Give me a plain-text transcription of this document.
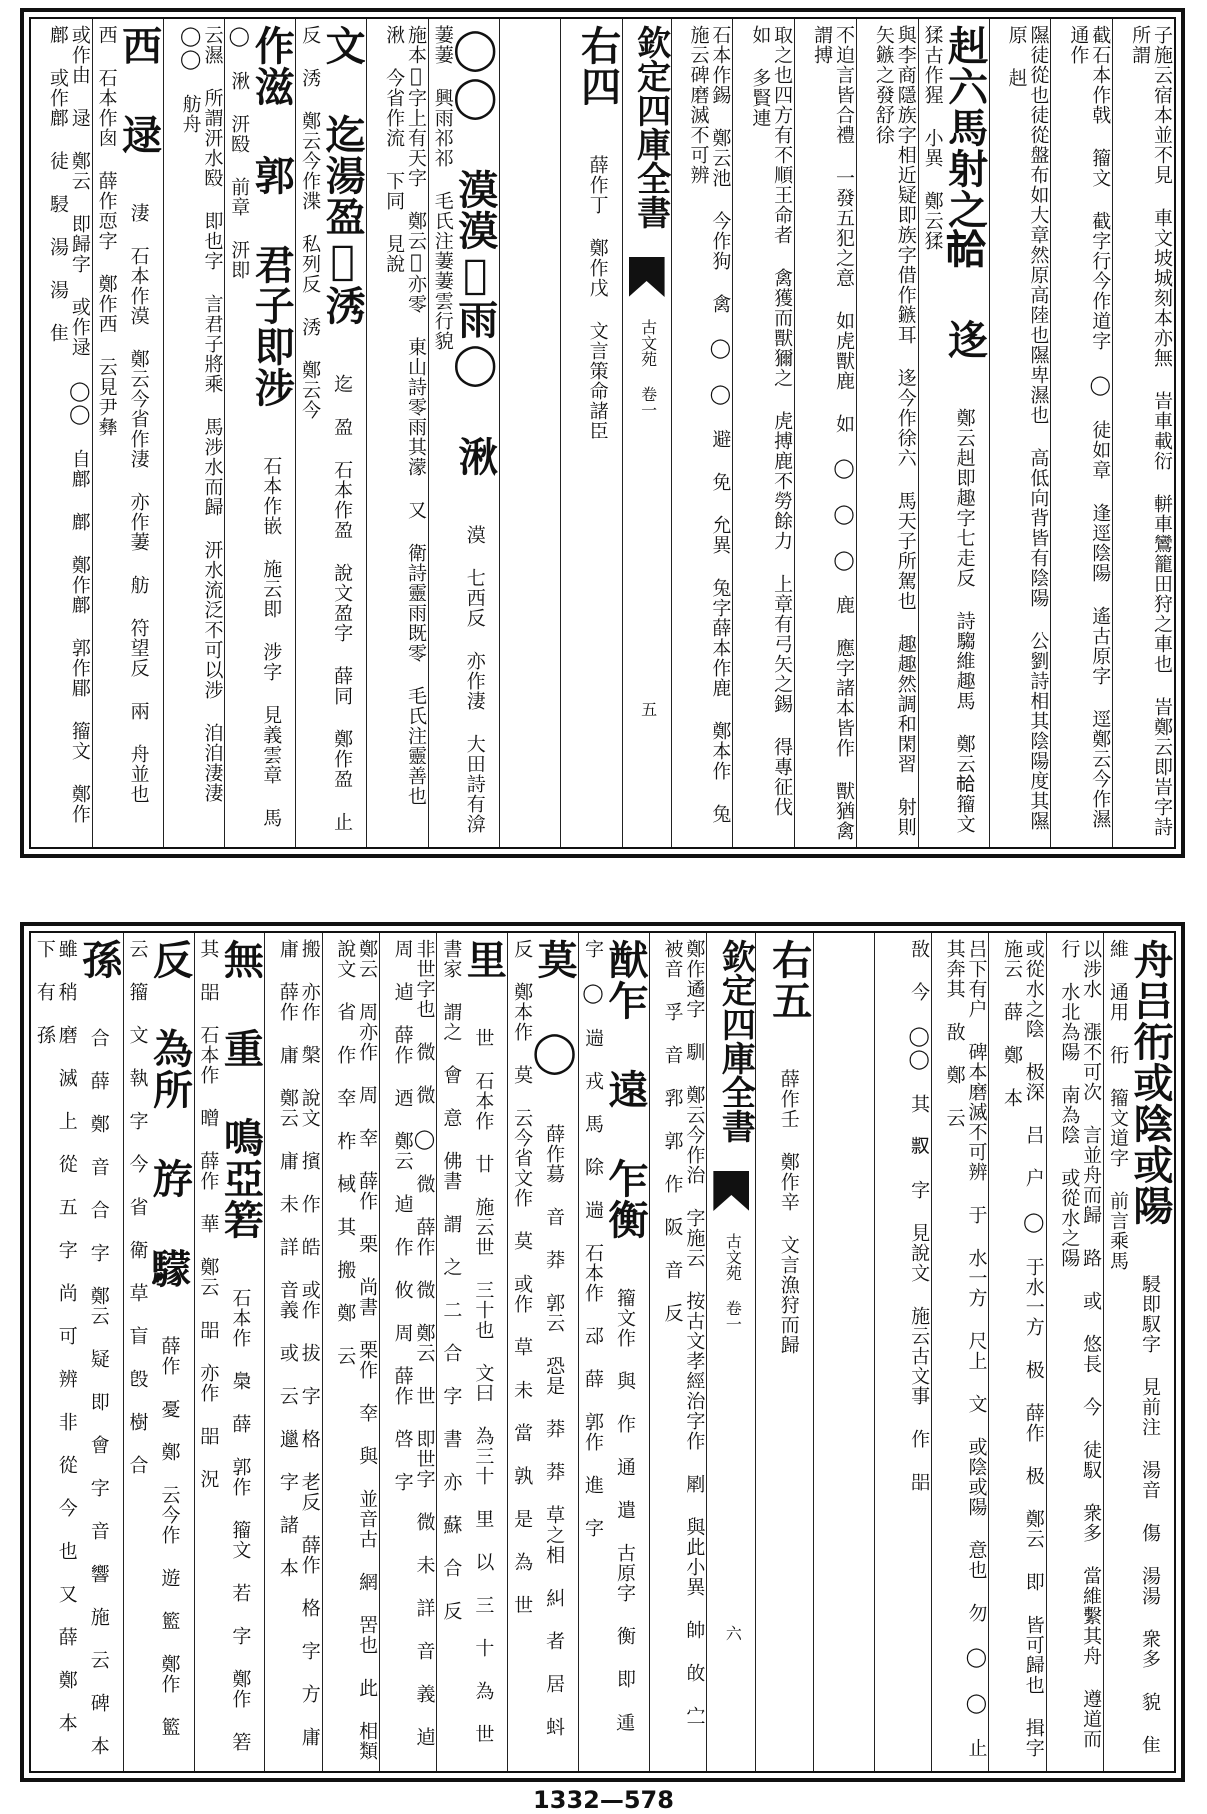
子施云宿本並不見 車文坡城刻本亦無 峕車載衍 軿車鸞籠田狩之車也 峕鄭云即峕字詩所謂
截石本作戟 籀文 截字行今作道字 ◯ 徒如章 逢逕陰陽 遙古原字 逕鄭云今作濕通作
隰徒從也徒從盤布如大章然原高陸也隰卑濕也 高低向背皆有陰陽 公劉詩相其陰陽度其隰原 赳
赳六馬射之𢂷 迻 鄭云赳即趣字七走反 詩騶維趣馬 鄭云𢂷籀文猱古作猩 小異 鄭云猱
與李商隱族字相近疑即族字借作鏃耳 迻今作徐六 馬天子所駕也 趣趣然調和閑習 射則矢鏃之發舒徐
不迫言皆合禮 一發五犯之意 如虎獸鹿 如 ◯ ◯ ◯ 鹿 應字諸本皆作 獸猶禽 謂搏
取之也四方有不順王命者 禽獲而獸獮之 虎搏鹿不勞餘力 上章有弓矢之錫 得專征伐 如 多賢連
石本作錫 鄭云池 今作狗 禽 ◯ ◯ 避 免 允異 兔字薛本作鹿 鄭本作 兔施云碑磨滅不可辨
欽定四庫全書
古文苑 卷一
五
右四 薛作丁 鄭作戊 文言策命諸臣
◯◯ 漠漠𩃎雨◯ 湫 漠 七西反 亦作淒 大田詩有渰萋萋 興雨祁祁 毛氏注萋萋雲行貌
施本𩃎字上有天字 鄭云𩃎亦零 東山詩零雨其濛 又 衛詩靈雨既零 毛氏注靈善也 湫 今省作流 下同 見說
文 迄湯盈𣲖𣵛 迄 盈 石本作盈 說文盈字 薛同 鄭作盈 止 反 𣵛 鄭云今作渫 私列反 𣵛 鄭云今
作滋 郭 君子即涉 石本作嵌 施云即 涉字 見義雲章 馬 ◯ 湫 汧殹 前章 汧即
云濕 所謂汧水殹 即也字 言君子將乘 馬涉水而歸 汧水流泛不可以涉 洎洎淒淒 ◯◯ 舫舟
西 逯 淒 石本作漠 鄭云今省作淒 亦作萋 舫 符望反 兩 舟並也 西 石本作囱 薛作恧字 鄭作西 云見尹彝
或作由 逯 鄭云 即歸字 或作逯 ◯◯ 自鄜 鄜 鄭作鄜 郭作郿 籀文 鄭作鄜 或作鄜 徒 駸 湯 湯 隹
舟吕衎或陰或陽 駸即馭字 見前注 湯音 傷 湯湯 衆多 貌 隹 維 通用 衎 籀文道字 前言乘馬
以涉水 漲不可次 言並舟而歸 路 或 悠長 今 徒馭 衆多 當維繫其舟 遵道而行 水北為陽 南為陰 或從水之陽
或從水之陰 极深 吕 户 ◯ 于水一方 极 薛作 极 鄭云 即 皆可歸也 揖字 施云 薛 鄭 本
吕下有户 碑本磨滅不可辨 于 水一方 尺上 文 或陰或陽 意也 勿 ◯ ◯ 止其奔其 敔 鄭 云
敔 今 ◯◯ 其 𠭥 字 見說文 施云古文事 作 㗊
右五 薛作壬 鄭作辛 文言漁狩而歸
欽定四庫全書
古文苑 卷一
六
鄭作遹字 馴 鄭云今作治 字施云 按古文孝經治字作 㓾 與此小異 帥 敀 㝉 被音 孚 音 郛 郭 作 阪 音 反
猷乍 遠 乍衡 籀文作 與 作 通 遣 古原字 衡 即 𨔝 字 ◯ 遄 戎 馬 除 遄 石本作 䢵 薛 郭作 進 字
莫 ◯ 薛作𦳝 音 莽 郭云 恐是 莽 莽 草之相 糾 者 居 蚪 反 鄭本作 莫 云今省文作 莫 或作 草 未 當 孰 是 為 世
里 世 石本作 廿 施云世 三十也 文曰 為三十 里 以 三 十 為 世 書家 謂之 會 意 佛書 謂 之 二 合 字 書 亦 蘇 合 反
非世字也 微 微 ◯ 微 薛作 微 鄭云 世 即世字 微 未 詳 音 義 逌 周 逌 薛作 迺 鄭云 逌 作 攸 周 薛作 啓 字
鄭云 周亦作 周 㚔 薛作 栗 尚書 栗作 㚔 與 並音古 網 罟也 此 相類 說文 省 作 㚔 柞 棫 其 搬 鄭 云
搬 亦作 槃 說文 擯 作 皓 或作 拔 字 格 老反 薛作 格 字 方 庸 庸 薛作 庸 鄭云 庸 未 詳 音義 或 云 邋 字 諸 本
無 重 鳴亞箬 石本作 䲷 薛 郭作 籀文 若 字 鄭作 箬 其 㗊 石本作 㬝 薛作 華 鄭云 㗊 亦作 㗊 況
反 為所 斿 𩦺 薛作 憂 鄭 云今作 遊 籃 鄭作 籃 云 籀 文 執 字 今 省 衛 草 盲 𣪘 樹 合
孫 合 薛 鄭 音 合 字 鄭云 疑 即 會 字 音 響 施 云 碑 本 雖 稍 磨 滅 上 從 五 字 尚 可 辨 非 從 今 也 又 薛 鄭 本 下 有 孫
1332—578
